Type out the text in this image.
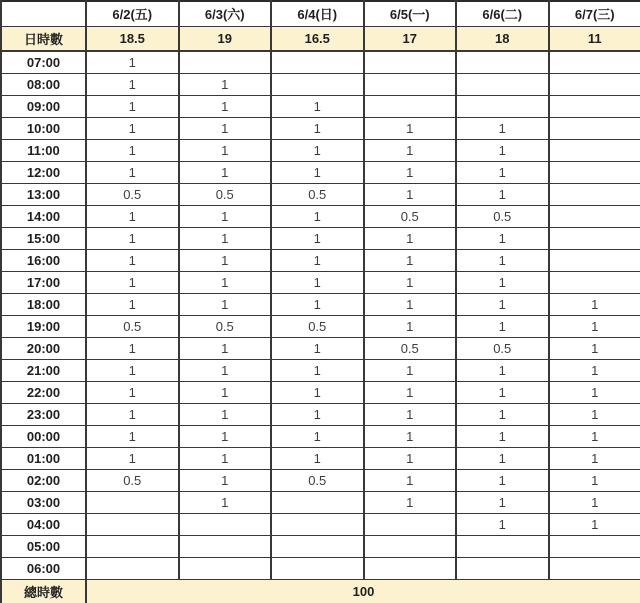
	6/2(五)	6/3(六)	6/4(日)	6/5(一)	6/6(二)	6/7(三)
日時數	18.5	19	16.5	17	18	11
07:00	1					
08:00	1	1				
09:00	1	1	1			
10:00	1	1	1	1	1	
11:00	1	1	1	1	1	
12:00	1	1	1	1	1	
13:00	0.5	0.5	0.5	1	1	
14:00	1	1	1	0.5	0.5	
15:00	1	1	1	1	1	
16:00	1	1	1	1	1	
17:00	1	1	1	1	1	
18:00	1	1	1	1	1	1
19:00	0.5	0.5	0.5	1	1	1
20:00	1	1	1	0.5	0.5	1
21:00	1	1	1	1	1	1
22:00	1	1	1	1	1	1
23:00	1	1	1	1	1	1
00:00	1	1	1	1	1	1
01:00	1	1	1	1	1	1
02:00	0.5	1	0.5	1	1	1
03:00		1		1	1	1
04:00					1	1
05:00						
06:00						
總時數	100					
